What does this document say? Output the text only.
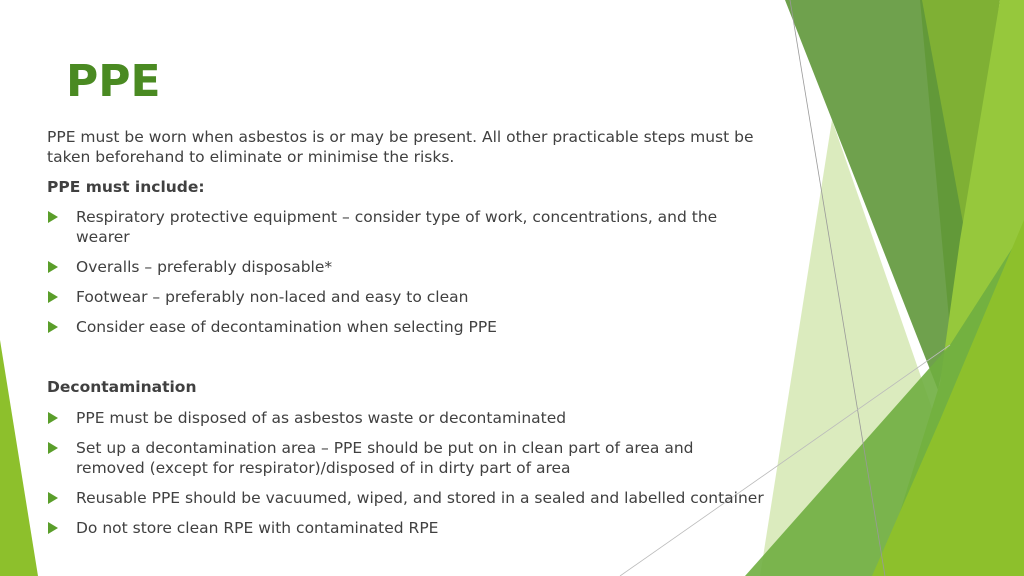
PPE
PPE must be worn when asbestos is or may be present. All other practicable steps must be
taken beforehand to eliminate or minimise the risks.
PPE must include:
Respiratory protective equipment – consider type of work, concentrations, and the
wearer
Overalls – preferably disposable*
Footwear – preferably non-laced and easy to clean
Consider ease of decontamination when selecting PPE
Decontamination
PPE must be disposed of as asbestos waste or decontaminated
Set up a decontamination area – PPE should be put on in clean part of area and
removed (except for respirator)/disposed of in dirty part of area
Reusable PPE should be vacuumed, wiped, and stored in a sealed and labelled container
Do not store clean RPE with contaminated RPE
